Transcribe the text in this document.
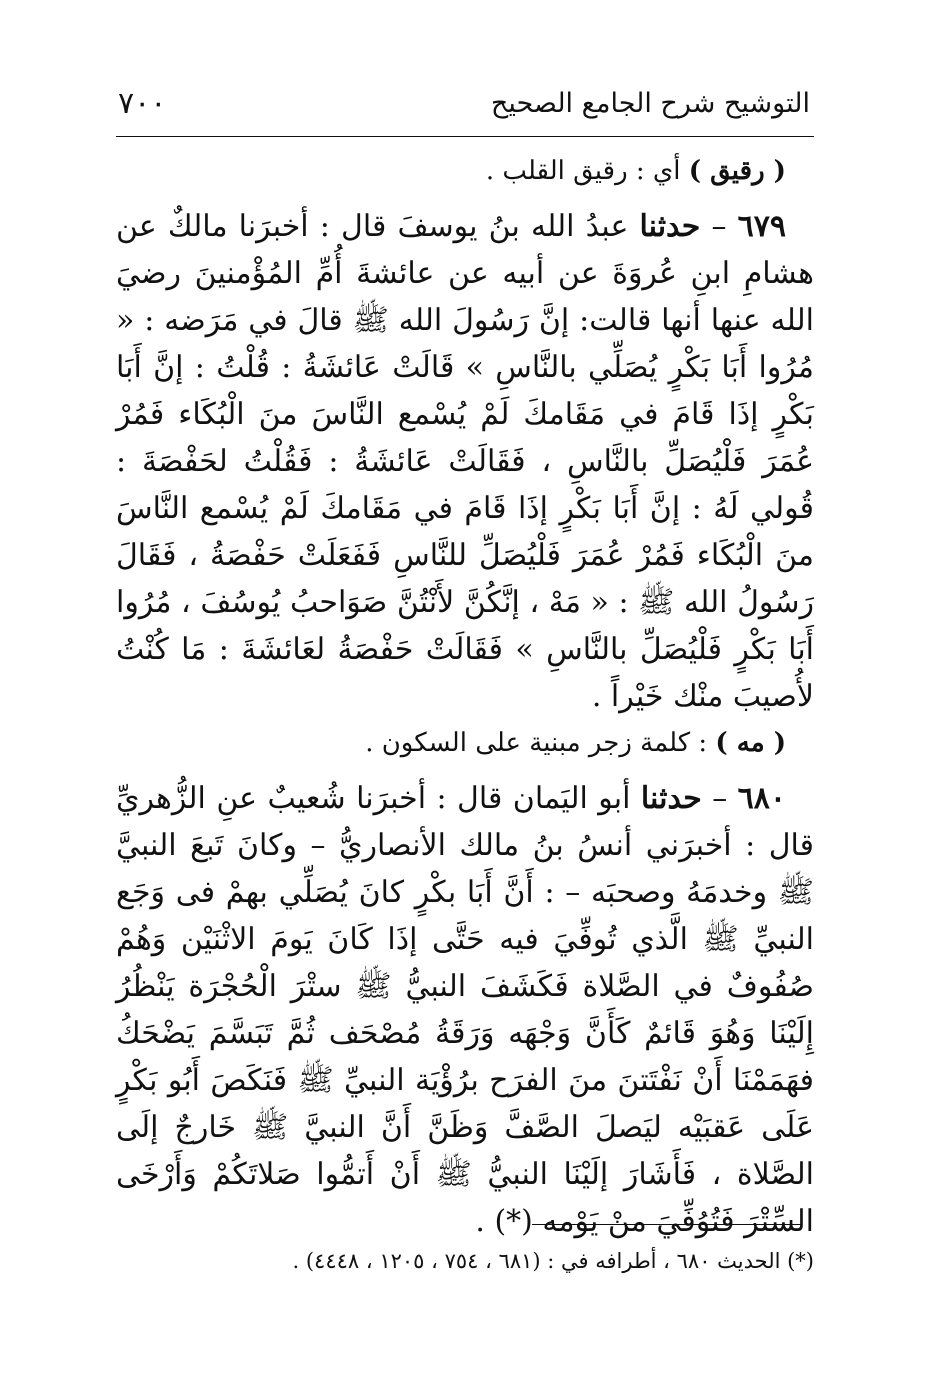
٧٠٠	التوشيح شرح الجامع الصحيح

( رقيق ) أي : رقيق القلب .

٦٧٩ – حدثنا عبدُ الله بنُ يوسفَ قال : أخبرَنا مالكٌ عن هشامِ ابنِ عُروَةَ عن أبيه عن عائشةَ أُمِّ المُؤْمنينَ رضيَ الله عنها أنها قالت: إنَّ رَسُولَ الله ﷺ قالَ في مَرَضه : « مُرُوا أَبَا بَكْرٍ يُصَلِّي بالنَّاسِ » قَالَتْ عَائشَةُ : قُلْتُ : إنَّ أَبَا بَكْرٍ إذَا قَامَ في مَقَامكَ لَمْ يُسْمع النَّاسَ منَ الْبُكَاء فَمُرْ عُمَرَ فَلْيُصَلِّ بالنَّاسِ ، فَقَالَتْ عَائشَةُ : فَقُلْتُ لحَفْصَةَ : قُولي لَهُ : إنَّ أَبَا بَكْرٍ إذَا قَامَ في مَقَامكَ لَمْ يُسْمع النَّاسَ منَ الْبُكَاء فَمُرْ عُمَرَ فَلْيُصَلِّ للنَّاسِ فَفَعَلَتْ حَفْصَةُ ، فَقَالَ رَسُولُ الله ﷺ : « مَهْ ، إنَّكُنَّ لأَنْتُنَّ صَوَاحبُ يُوسُفَ ، مُرُوا أَبَا بَكْرٍ فَلْيُصَلِّ بالنَّاسِ » فَقَالَتْ حَفْصَةُ لعَائشَةَ : مَا كُنْتُ لأُصيبَ منْك خَيْراً .

( مه ) : كلمة زجر مبنية على السكون .

٦٨٠ – حدثنا أبو اليَمان قال : أخبرَنا شُعيبٌ عنِ الزُّهريِّ قال : أخبرَني أنسُ بنُ مالك الأنصاريُّ – وكانَ تَبعَ النبيَّ ﷺ وخدمَهُ وصحبَه – : أَنَّ أَبَا بكْرٍ كانَ يُصَلِّي بهمْ فى وَجَع النبيِّ ﷺ الَّذي تُوفِّيَ فيه حَتَّى إذَا كَانَ يَومَ الاثْنَيْن وَهُمْ صُفُوفٌ في الصَّلاة فَكَشَفَ النبيُّ ﷺ ستْرَ الْحُجْرَة يَنْظُرُ إِلَيْنَا وَهُوَ قَائمٌ كَأَنَّ وَجْهَه وَرَقَةُ مُصْحَف ثُمَّ تَبَسَّمَ يَضْحَكُ فهَمَمْنَا أَنْ نَفْتَتنَ منَ الفرَح برُؤْيَة النبيِّ ﷺ فَنَكَصَ أَبُو بَكْرٍ عَلَى عَقبَيْه ليَصلَ الصَّفَّ وَظَنَّ أَنَّ النبيَّ ﷺ خَارجٌ إلَى الصَّلاة ، فَأَشَارَ إلَيْنَا النبيُّ ﷺ أَنْ أَتمُّوا صَلاتَكُمْ وَأَرْخَى السِّتْرَ فَتُوُفِّيَ منْ يَوْمه (*) .

(*) الحديث ٦٨٠ ، أطرافه في : (٦٨١ ، ٧٥٤ ، ١٢٠٥ ، ٤٤٤٨) .
